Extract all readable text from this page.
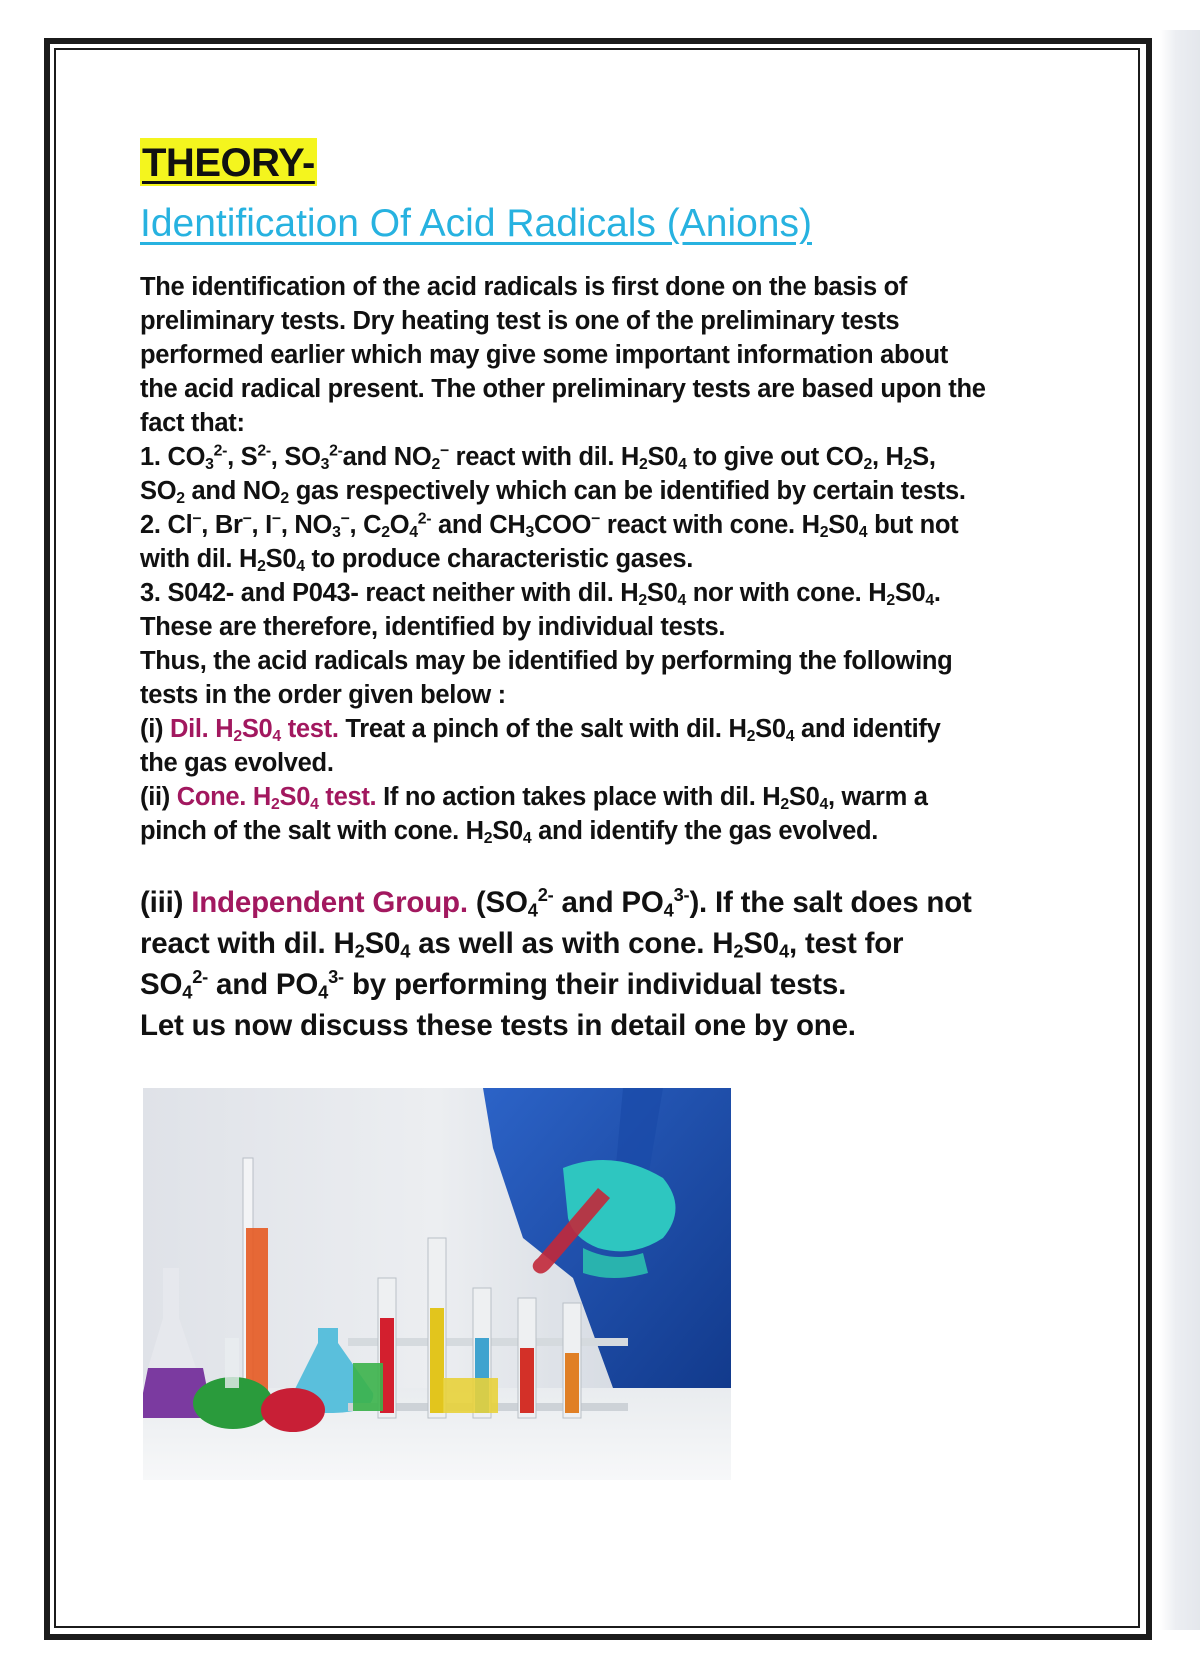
THEORY-
Identification Of Acid Radicals (Anions)
The identification of the acid radicals is first done on the basis of
preliminary tests. Dry heating test is one of the preliminary tests
performed earlier which may give some important information about
the acid radical present. The other preliminary tests are based upon the
fact that:
1. $CO_3^{2-}$, $S^{2-}$, $SO_3^{2-}and$ $NO_2^-$ react with dil. $H_2S0_4$ to give out $CO_2$, $H_2S$,
$SO_2$ and $NO_2$ gas respectively which can be identified by certain tests.
2. Cl−, Br−, I−, $NO_3^-$, $C_2O_4^{2-}$ and $CH_3COO^-$ react with cone. $H_2S0_4$ but not
with dil. $H_2S0_4$ to produce characteristic gases.
3. S042- and P043- react neither with dil. $H_2S0_4$ nor with cone. $H_2S0_4$.
These are therefore, identified by individual tests.
Thus, the acid radicals may be identified by performing the following
tests in the order given below :
(i) Dil. $H_2S0_4$ test. Treat a pinch of the salt with dil. $H_2S0_4$ and identify
the gas evolved.
(ii) Cone. $H_2S0_4$ test. If no action takes place with dil. $H_2S0_4$, warm a
pinch of the salt with cone. $H_2S0_4$ and identify the gas evolved.
(iii) Independent Group. ($SO_4^{2-}$ and $PO_4^{3-}$). If the salt does not
react with dil. $H_2S0_4$ as well as with cone. $H_2S0_4$, test for
$SO_4^{2-}$ and $PO_4^{3-}$ by performing their individual tests.
Let us now discuss these tests in detail one by one.
